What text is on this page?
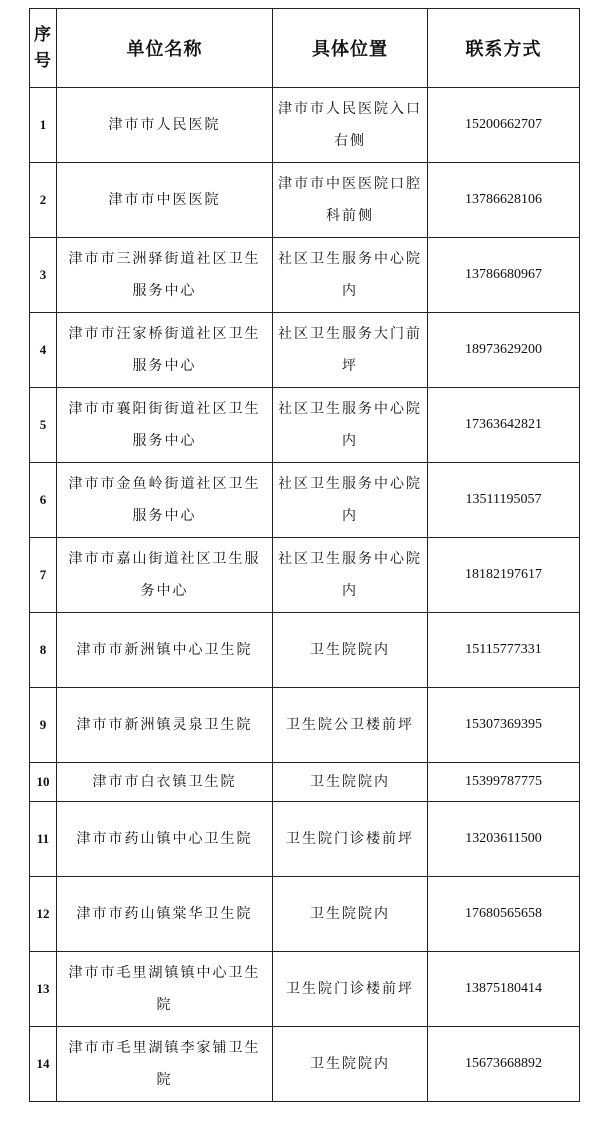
序号	单位名称	具体位置	联系方式
1	津市市人民医院	津市市人民医院入口右侧	15200662707
2	津市市中医医院	津市市中医医院口腔科前侧	13786628106
3	津市市三洲驿街道社区卫生服务中心	社区卫生服务中心院内	13786680967
4	津市市汪家桥街道社区卫生服务中心	社区卫生服务大门前坪	18973629200
5	津市市襄阳街街道社区卫生服务中心	社区卫生服务中心院内	17363642821
6	津市市金鱼岭街道社区卫生服务中心	社区卫生服务中心院内	13511195057
7	津市市嘉山街道社区卫生服务中心	社区卫生服务中心院内	18182197617
8	津市市新洲镇中心卫生院	卫生院院内	15115777331
9	津市市新洲镇灵泉卫生院	卫生院公卫楼前坪	15307369395
10	津市市白衣镇卫生院	卫生院院内	15399787775
11	津市市药山镇中心卫生院	卫生院门诊楼前坪	13203611500
12	津市市药山镇棠华卫生院	卫生院院内	17680565658
13	津市市毛里湖镇镇中心卫生院	卫生院门诊楼前坪	13875180414
14	津市市毛里湖镇李家铺卫生院	卫生院院内	15673668892
